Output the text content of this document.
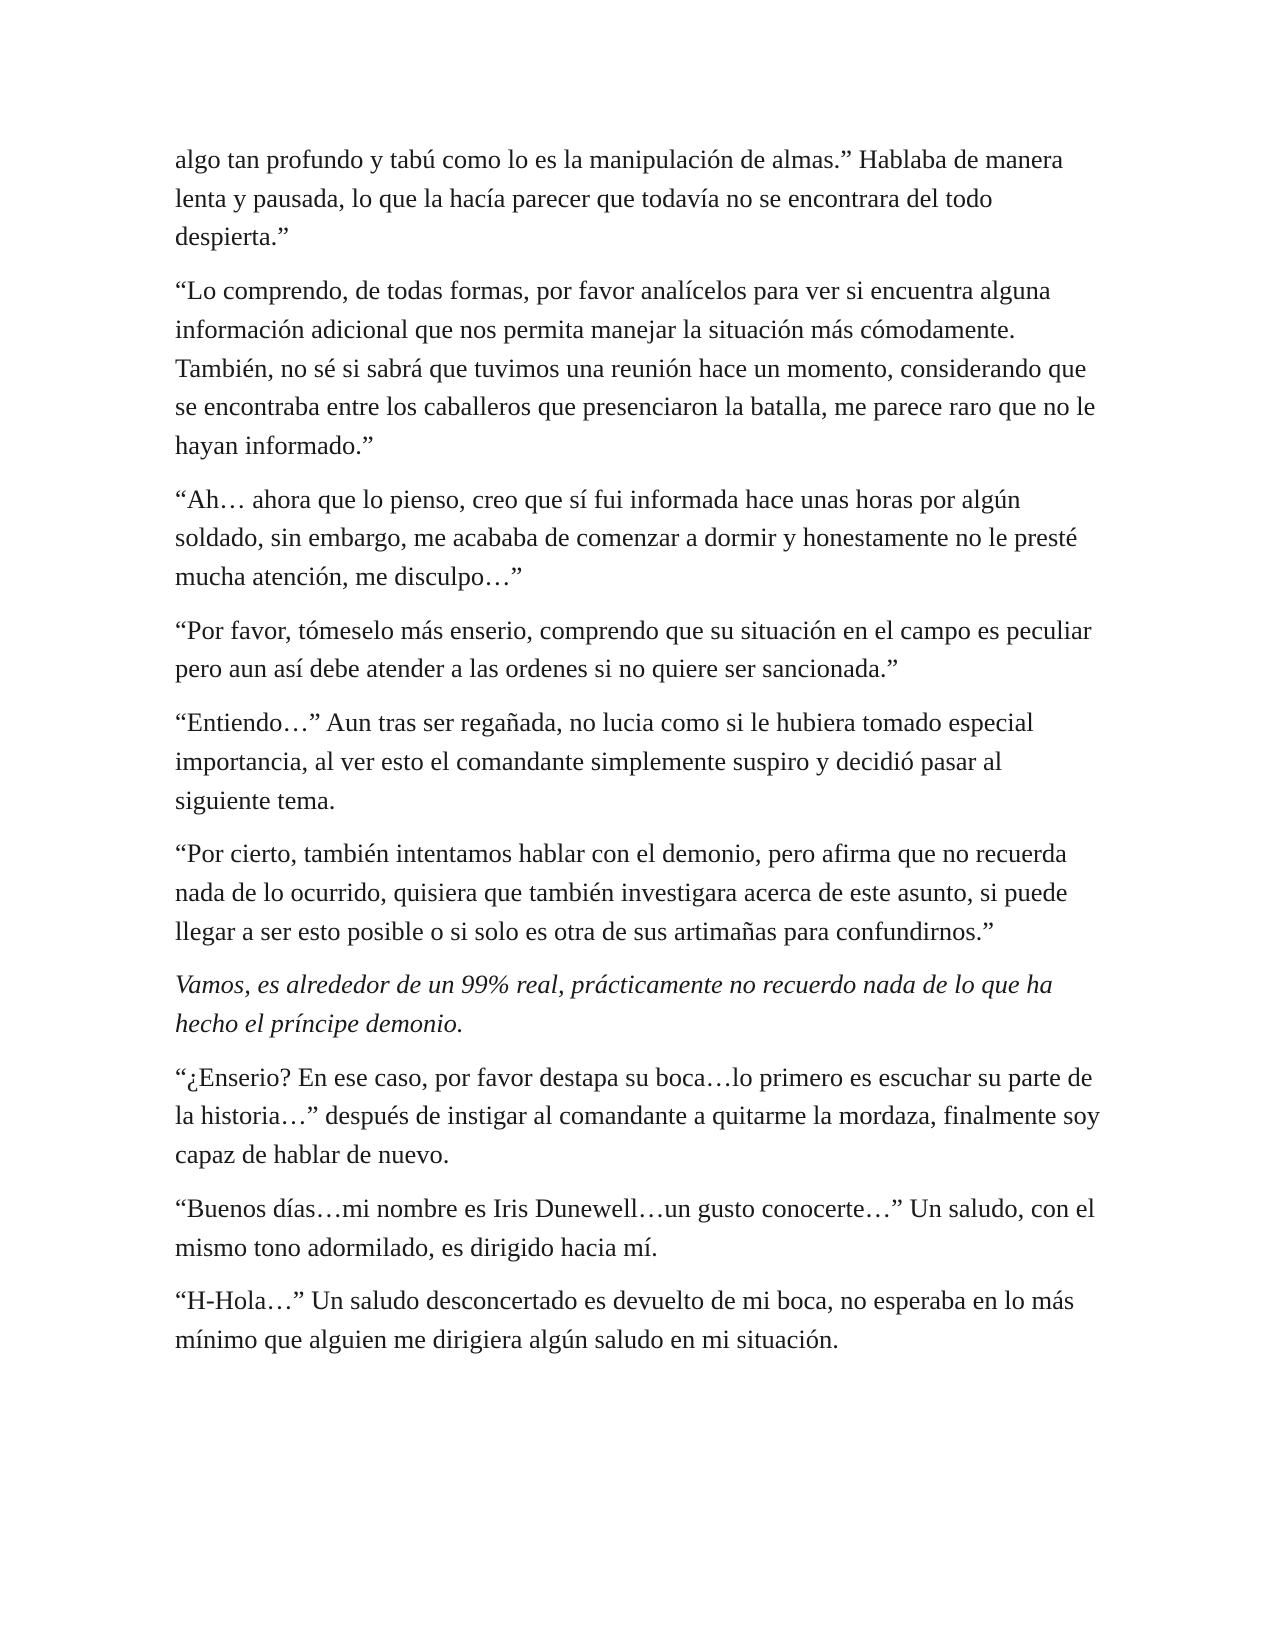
algo tan profundo y tabú como lo es la manipulación de almas.” Hablaba de manera lenta y pausada, lo que la hacía parecer que todavía no se encontrara del todo despierta.”

“Lo comprendo, de todas formas, por favor analícelos para ver si encuentra alguna información adicional que nos permita manejar la situación más cómodamente. También, no sé si sabrá que tuvimos una reunión hace un momento, considerando que se encontraba entre los caballeros que presenciaron la batalla, me parece raro que no le hayan informado.”

“Ah… ahora que lo pienso, creo que sí fui informada hace unas horas por algún soldado, sin embargo, me acababa de comenzar a dormir y honestamente no le presté mucha atención, me disculpo…”

“Por favor, tómeselo más enserio, comprendo que su situación en el campo es peculiar pero aun así debe atender a las ordenes si no quiere ser sancionada.”

“Entiendo…” Aun tras ser regañada, no lucia como si le hubiera tomado especial importancia, al ver esto el comandante simplemente suspiro y decidió pasar al siguiente tema.

“Por cierto, también intentamos hablar con el demonio, pero afirma que no recuerda nada de lo ocurrido, quisiera que también investigara acerca de este asunto, si puede llegar a ser esto posible o si solo es otra de sus artimañas para confundirnos.”

Vamos, es alrededor de un 99% real, prácticamente no recuerdo nada de lo que ha hecho el príncipe demonio.

“¿Enserio? En ese caso, por favor destapa su boca…lo primero es escuchar su parte de la historia…” después de instigar al comandante a quitarme la mordaza, finalmente soy capaz de hablar de nuevo.

“Buenos días…mi nombre es Iris Dunewell…un gusto conocerte…” Un saludo, con el mismo tono adormilado, es dirigido hacia mí.

“H-Hola…” Un saludo desconcertado es devuelto de mi boca, no esperaba en lo más mínimo que alguien me dirigiera algún saludo en mi situación.
